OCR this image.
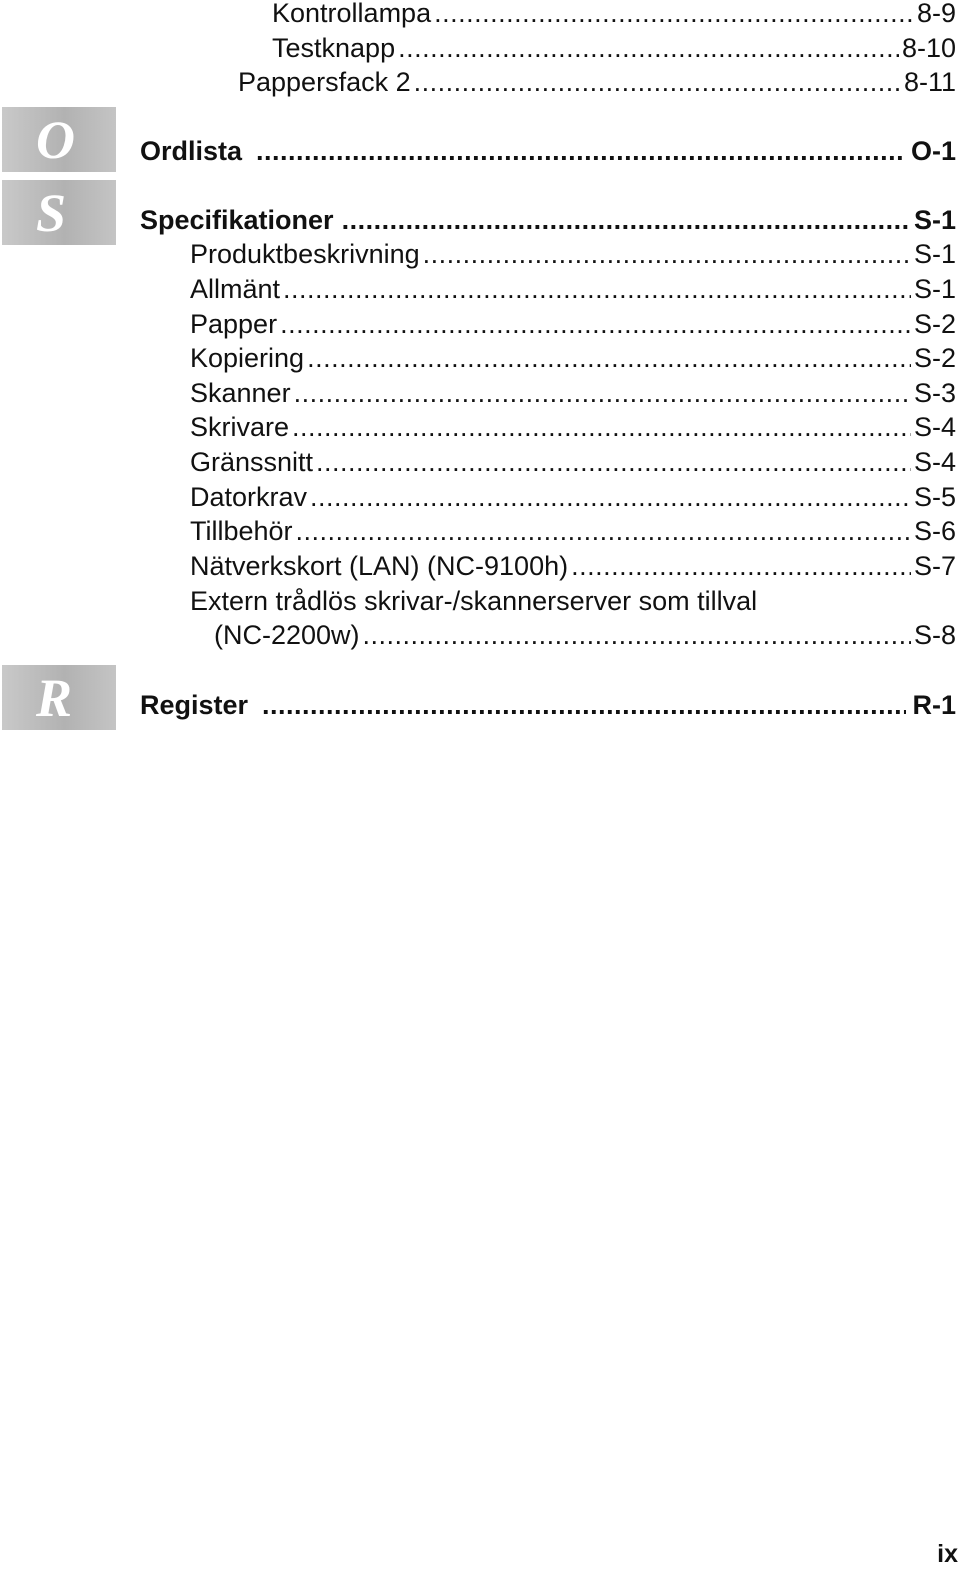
Kontrollampa .....	8-9
Testknapp .....	8-10
Pappersfack 2 .....	8-11
O Ordlista .....	O-1
S	Specifikationer .....	S-1
Produktbeskrivning .....	S-1
Allmänt .....	S-1
Papper .....	S-2
Kopiering .....	S-2
Skanner .....	S-3
Skrivare .....	S-4
Gränssnitt .....	S-4
Datorkrav .....	S-5
Tillbehör .....	S-6
Nätverkskort (LAN) (NC-9100h) .....	S-7
Extern trådlös skrivar-/skannerserver som tillval
(NC-2200w) .....	S-8
R	Register .....	R-1
ix
